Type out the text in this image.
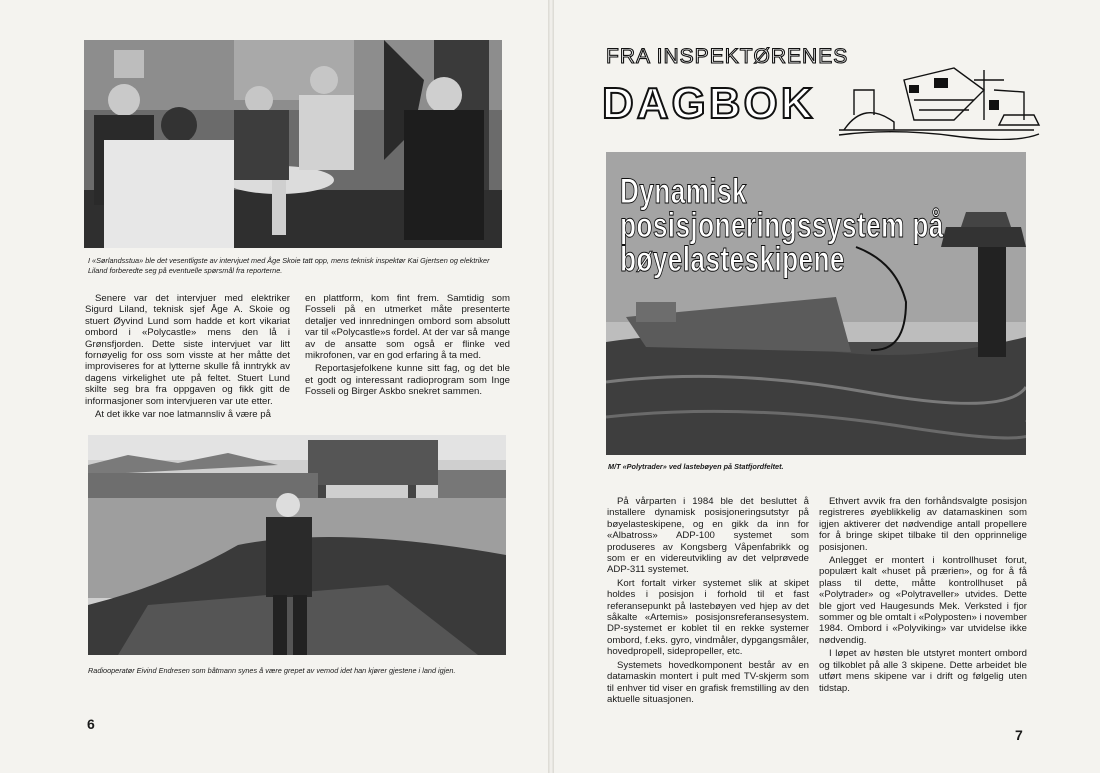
I «Sørlandsstua» ble det vesentligste av intervjuet med Åge Skoie tatt opp, mens teknisk inspektør Kai Gjertsen og elektriker Liland forberedte seg på eventuelle spørsmål fra reporterne.

Senere var det intervjuer med elektriker Sigurd Liland, teknisk sjef Åge A. Skoie og stuert Øyvind Lund som hadde et kort vikariat ombord i «Polycastle» mens den lå i Grønsfjorden. Dette siste intervjuet var litt fornøyelig for oss som visste at her måtte det improviseres for at lytterne skulle få inntrykk av dagens virkelighet ute på feltet. Stuert Lund skilte seg bra fra oppgaven og fikk gitt de informasjoner som intervjueren var ute etter.

At det ikke var noe latmannsliv å være på

en plattform, kom fint frem. Samtidig som Fosseli på en utmerket måte presenterte detaljer ved innredningen ombord som absolutt var til «Polycastle»s fordel. At der var så mange av de ansatte som også er flinke ved mikrofonen, var en god erfaring å ta med.

Reportasjefolkene kunne sitt fag, og det ble et godt og interessant radioprogram som Inge Fosseli og Birger Askbo snekret sammen.

Radiooperatør Eivind Endresen som båtmann synes å være grepet av vemod idet han kjører gjestene i land igjen.
6
FRA INSPEKTØRENES
DAGBOK
Dynamisk posisjoneringssystem på bøyelasteskipene
M/T «Polytrader» ved lastebøyen på Statfjordfeltet.

På vårparten i 1984 ble det besluttet å installere dynamisk posisjoneringsutstyr på bøyelasteskipene, og en gikk da inn for «Albatross» ADP-100 systemet som produseres av Kongsberg Våpenfabrikk og som er en videreutvikling av det velprøvede ADP-311 systemet.

Kort fortalt virker systemet slik at skipet holdes i posisjon i forhold til et fast referansepunkt på lastebøyen ved hjep av det såkalte «Artemis» posisjonsreferansesystem. DP-systemet er koblet til en rekke systemer ombord, f.eks. gyro, vindmåler, dypgangsmåler, hovedpropell, sidepropeller, etc.

Systemets hovedkomponent består av en datamaskin montert i pult med TV-skjerm som til enhver tid viser en grafisk fremstilling av den aktuelle situasjonen.

Ethvert avvik fra den forhåndsvalgte posisjon registreres øyeblikkelig av datamaskinen som igjen aktiverer det nødvendige antall propellere for å bringe skipet tilbake til den opprinnelige posisjonen.

Anlegget er montert i kontrollhuset forut, populært kalt «huset på prærien», og for å få plass til dette, måtte kontrollhuset på «Polytrader» og «Polytraveller» utvides. Dette ble gjort ved Haugesunds Mek. Verksted i fjor sommer og ble omtalt i «Polyposten» i november 1984. Ombord i «Polyviking» var utvidelse ikke nødvendig.

I løpet av høsten ble utstyret montert ombord og tilkoblet på alle 3 skipene. Dette arbeidet ble utført mens skipene var i drift og følgelig uten tidstap.

7
